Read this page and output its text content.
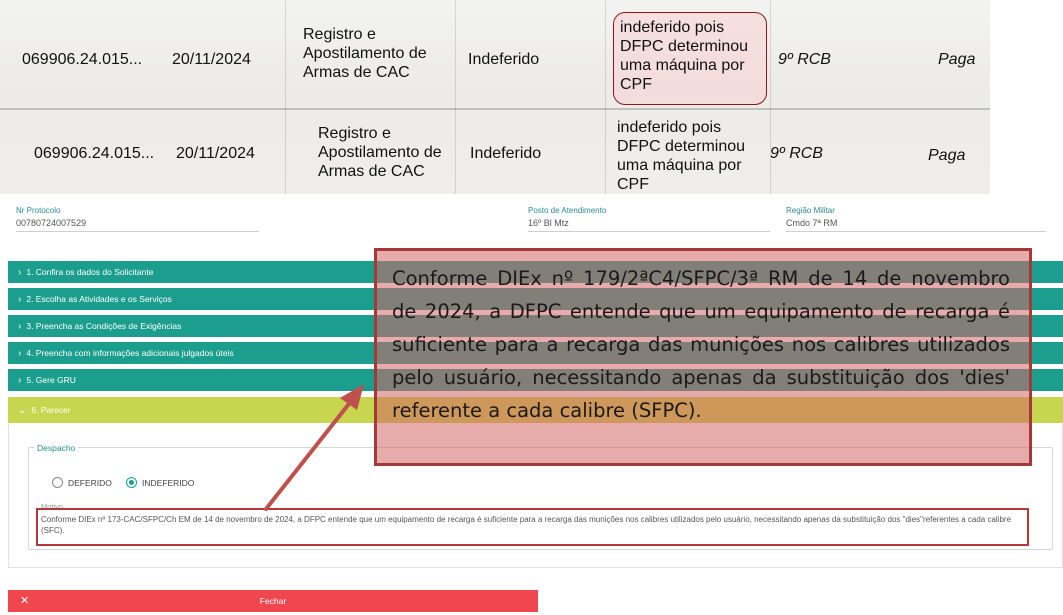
069906.24.015... 20/11/2024
Registro e Apostilamento de Armas de CAC
Indeferido
indeferido pois DFPC determinou uma máquina por CPF
9º RCB	Paga
069906.24.015... 20/11/2024
Registro e Apostilamento de Armas de CAC
Indeferido
indeferido pois DFPC determinou uma máquina por CPF
9º RCB	Paga
Nr Protocolo
00780724007529
Posto de Atendimento
16º Bl Mtz
Região Militar
Cmdo 7ª RM
› 1. Confira os dados do Solicitante
› 2. Escolha as Atividades e os Serviços
› 3. Preencha as Condições de Exigências
› 4. Preencha com informações adicionais julgados úteis
› 5. Gere GRU
⌄ 6. Parecer
Despacho
DEFERIDO	INDEFERIDO
Motivo
Conforme DIEx nº 173-CAC/SFPC/Ch EM de 14 de novembro de 2024, a DFPC entende que um equipamento de recarga é suficiente para a recarga das munições nos calibres utilizados pelo usuário, necessitando apenas da substituição dos "dies"referentes a cada calibre (SFC).
Conforme DIEx nº 179/2ªC4/SFPC/3ª RM de 14 de novembro de 2024, a DFPC entende que um equipamento de recarga é suficiente para a recarga das munições nos calibres utilizados pelo usuário, necessitando apenas da substituição dos 'dies' referente a cada calibre (SFPC).
✕	Fechar
